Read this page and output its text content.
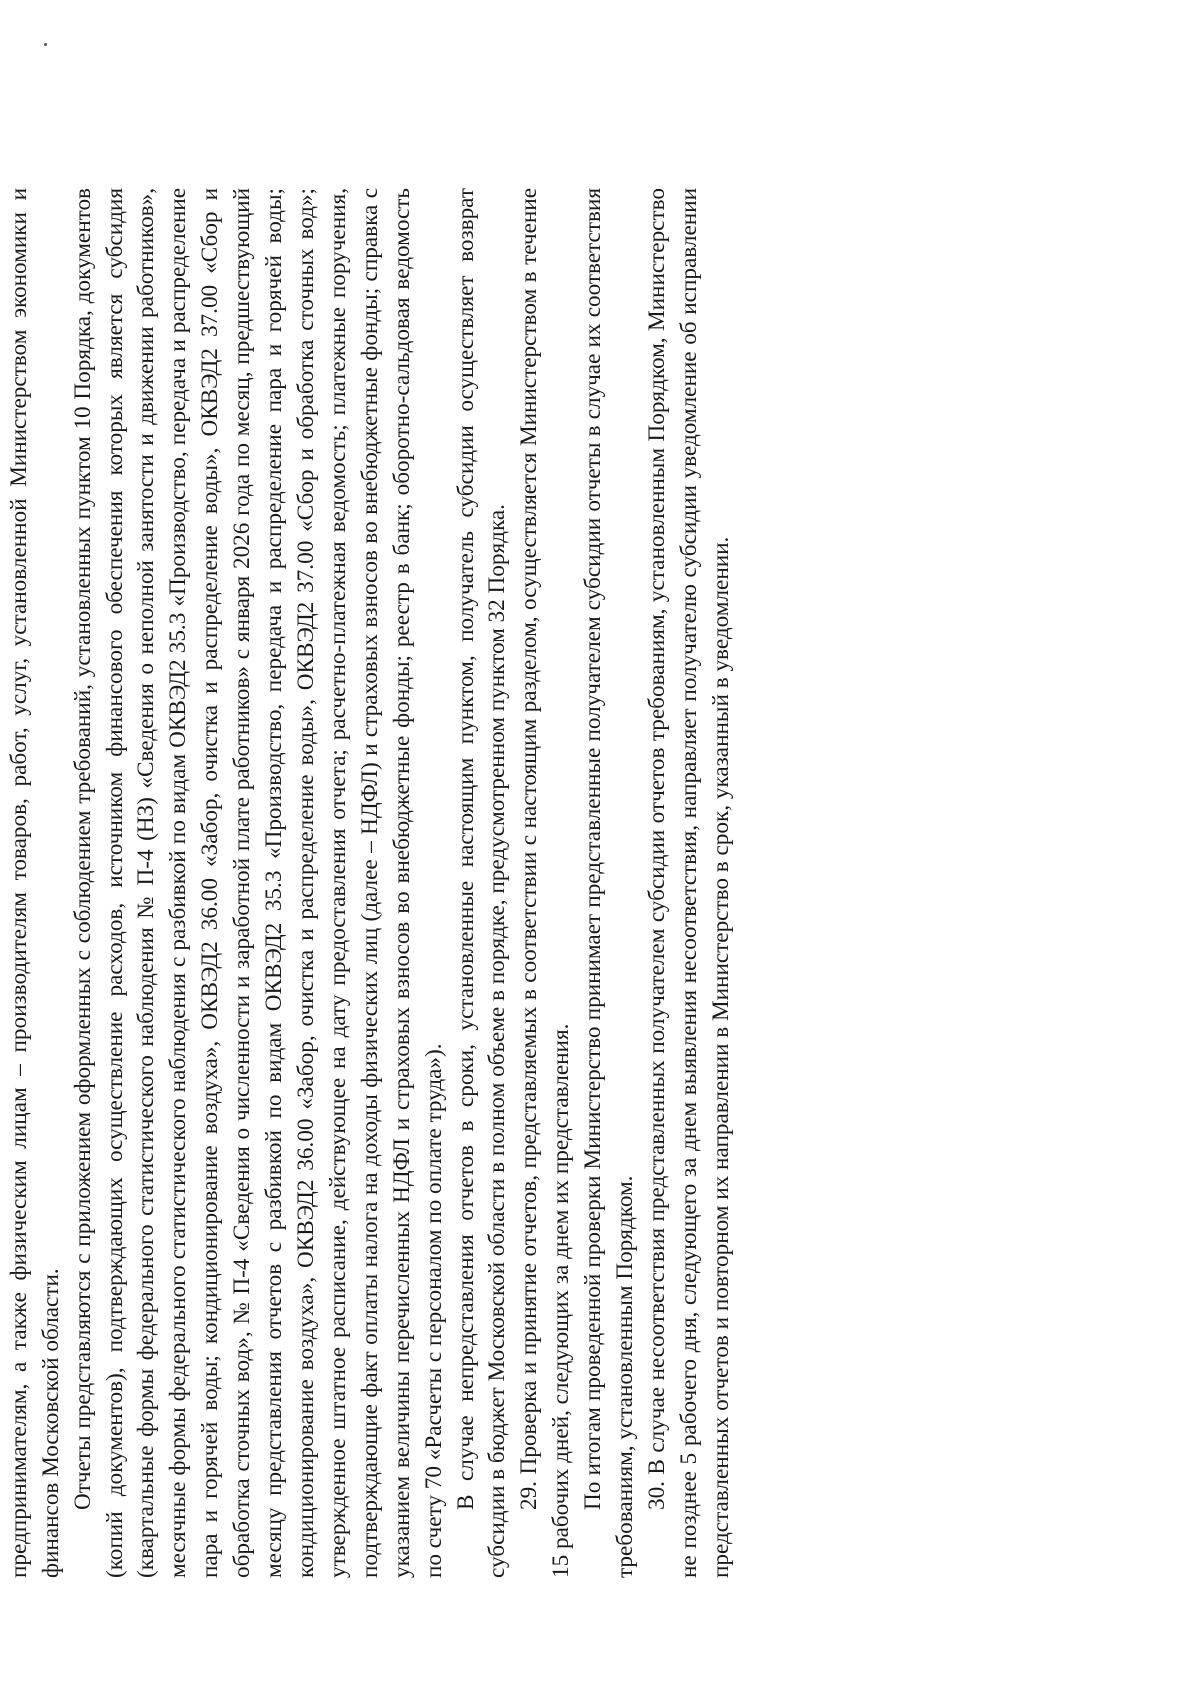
предпринимателям, а также физическим лицам – производителям товаров, работ, услуг, установленной Министерством экономики и финансов Московской области. Отчеты представляются с приложением оформленных с соблюдением требований, установленных пунктом 10 Порядка, документов (копий документов), подтверждающих осуществление расходов, источником финансового обеспечения которых является субсидия (квартальные формы федерального статистического наблюдения № П-4 (НЗ) «Сведения о неполной занятости и движении работников», месячные формы федерального статистического наблюдения с разбивкой по видам ОКВЭД2 35.3 «Производство, передача и распределение пара и горячей воды; кондиционирование воздуха», ОКВЭД2 36.00 «Забор, очистка и распределение воды», ОКВЭД2 37.00 «Сбор и обработка сточных вод», № П-4 «Сведения о численности и заработной плате работников» с января 2026 года по месяц, предшествующий месяцу представления отчетов с разбивкой по видам ОКВЭД2 35.3 «Производство, передача и распределение пара и горячей воды; кондиционирование воздуха», ОКВЭД2 36.00 «Забор, очистка и распределение воды», ОКВЭД2 37.00 «Сбор и обработка сточных вод»; утвержденное штатное расписание, действующее на дату предоставления отчета; расчетно-платежная ведомость; платежные поручения, подтверждающие факт оплаты налога на доходы физических лиц (далее – НДФЛ) и страховых взносов во внебюджетные фонды; справка с указанием величины перечисленных НДФЛ и страховых взносов во внебюджетные фонды; реестр в банк; оборотно-сальдовая ведомость по счету 70 «Расчеты с персоналом по оплате труда»). В случае непредставления отчетов в сроки, установленные настоящим пунктом, получатель субсидии осуществляет возврат субсидии в бюджет Московской области в полном объеме в порядке, предусмотренном пунктом 32 Порядка. 29. Проверка и принятие отчетов, представляемых в соответствии с настоящим разделом, осуществляется Министерством в течение 15 рабочих дней, следующих за днем их представления. По итогам проведенной проверки Министерство принимает представленные получателем субсидии отчеты в случае их соответствия требованиям, установленным Порядком. 30. В случае несоответствия представленных получателем субсидии отчетов требованиям, установленным Порядком, Министерство не позднее 5 рабочего дня, следующего за днем выявления несоответствия, направляет получателю субсидии уведомление об исправлении представленных отчетов и повторном их направлении в Министерство в срок, указанный в уведомлении.
